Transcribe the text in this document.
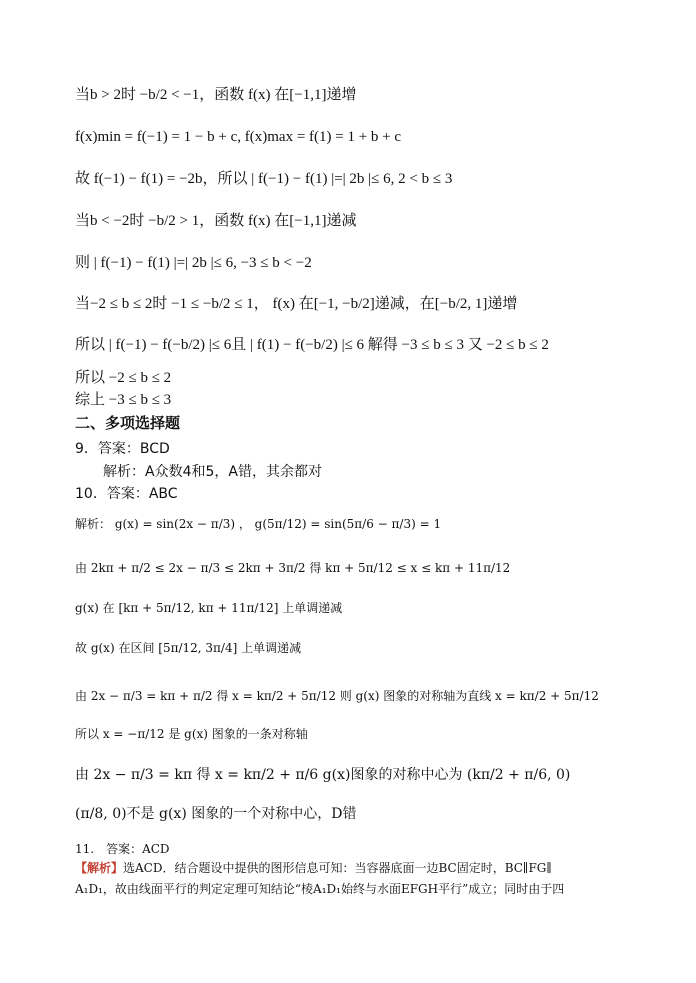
当b > 2时 −b/2 < −1，函数 f(x) 在[−1,1]递增
f(x)min = f(−1) = 1 − b + c, f(x)max = f(1) = 1 + b + c
故 f(−1) − f(1) = −2b，所以 | f(−1) − f(1) |=| 2b |≤ 6, 2 < b ≤ 3
当b < −2时 −b/2 > 1，函数 f(x) 在[−1,1]递减
则 | f(−1) − f(1) |=| 2b |≤ 6, −3 ≤ b < −2
当−2 ≤ b ≤ 2时 −1 ≤ −b/2 ≤ 1， f(x) 在[−1, −b/2]递减，在[−b/2, 1]递增
所以 | f(−1) − f(−b/2) |≤ 6且 | f(1) − f(−b/2) |≤ 6 解得 −3 ≤ b ≤ 3 又 −2 ≤ b ≤ 2
所以 −2 ≤ b ≤ 2
综上 −3 ≤ b ≤ 3
二、多项选择题
9．答案：BCD
解析：A众数4和5，A错，其余都对
10．答案：ABC
解析： g(x) = sin(2x − π/3) ， g(5π/12) = sin(5π/6 − π/3) = 1
由 2kπ + π/2 ≤ 2x − π/3 ≤ 2kπ + 3π/2 得 kπ + 5π/12 ≤ x ≤ kπ + 11π/12
g(x) 在 [kπ + 5π/12, kπ + 11π/12] 上单调递减
故 g(x) 在区间 [5π/12, 3π/4] 上单调递减
由 2x − π/3 = kπ + π/2 得 x = kπ/2 + 5π/12 则 g(x) 图象的对称轴为直线 x = kπ/2 + 5π/12
所以 x = −π/12 是 g(x) 图象的一条对称轴
由 2x − π/3 = kπ 得 x = kπ/2 + π/6 g(x)图象的对称中心为 (kπ/2 + π/6, 0)
(π/8, 0)不是 g(x) 图象的一个对称中心，D错
11.　答案：ACD
【解析】选ACD．结合题设中提供的图形信息可知：当容器底面一边BC固定时，BC∥FG∥
A₁D₁，故由线面平行的判定定理可知结论“棱A₁D₁始终与水面EFGH平行”成立；同时由于四
